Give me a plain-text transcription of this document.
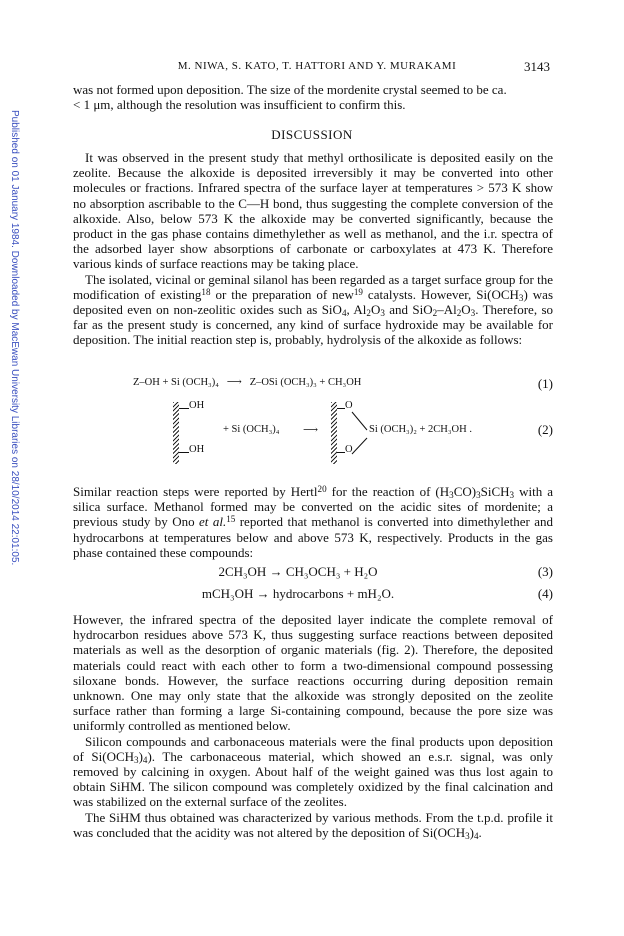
Published on 01 January 1984. Downloaded by MacEwan University Libraries on 28/10/2014 22:01:05.
M. NIWA, S. KATO, T. HATTORI AND Y. MURAKAMI	3143

was not formed upon deposition. The size of the mordenite crystal seemed to be ca.

< 1 μm, although the resolution was insufficient to confirm this.

DISCUSSION

It was observed in the present study that methyl orthosilicate is deposited easily on the zeolite. Because the alkoxide is deposited irreversibly it may be converted into other molecules or fractions. Infrared spectra of the surface layer at temperatures > 573 K show no absorption ascribable to the C—H bond, thus suggesting the complete conversion of the alkoxide. Also, below 573 K the alkoxide may be converted significantly, because the product in the gas phase contains dimethylether as well as methanol, and the i.r. spectra of the adsorbed layer show absorptions of carbonate or carboxylates at 473 K. Therefore various kinds of surface reactions may be taking place.

The isolated, vicinal or geminal silanol has been regarded as a target surface group for the modification of existing$^{18}$ or the preparation of new$^{19}$ catalysts. However, $Si(OCH_3)$ was deposited even on non-zeolitic oxides such as SiO$_4$, $Al_2O_3$ and $SiO_2-Al_2O_3$. Therefore, so far as the present study is concerned, any kind of surface hydroxide may be available for deposition. The initial reaction step is, probably, hydrolysis of the alkoxide as follows:

Z–OH + Si (OCH₃)₄ ⟶ Z–OSi (OCH₃)₃ + CH₃OH	(1)
OH
OH
+ Si (OCH₃)₄ ⟶
O
O
Si (OCH₃)₂ + 2CH₃OH .	(2)

Similar reaction steps were reported by Hertl$^{20}$ for the reaction of $(H_3CO)_3SiCH_3$ with a silica surface. Methanol formed may be converted on the acidic sites of mordenite; a previous study by Ono et al.$^{15}$ reported that methanol is converted into dimethylether and hydrocarbons at temperatures below and above 573 K, respectively. Products in the gas phase contained these compounds:

2CH₃OH → CH₃OCH₃ + H₂O	(3)
mCH₃OH → hydrocarbons + mH₂O.	(4)

However, the infrared spectra of the deposited layer indicate the complete removal of hydrocarbon residues above 573 K, thus suggesting surface reactions between deposited materials as well as the desorption of organic materials (fig. 2). Therefore, the deposited materials could react with each other to form a two-dimensional compound possessing siloxane bonds. However, the surface reactions occurring during deposition remain unknown. One may only state that the alkoxide was strongly deposited on the zeolite surface rather than forming a large Si-containing compound, because the pore size was uniformly controlled as mentioned below.

Silicon compounds and carbonaceous materials were the final products upon deposition of $Si(OCH_3)_4$). The carbonaceous material, which showed an e.s.r. signal, was only removed by calcining in oxygen. About half of the weight gained was thus lost again to obtain SiHM. The silicon compound was completely oxidized by the final calcination and was stabilized on the external surface of the zeolites.

The SiHM thus obtained was characterized by various methods. From the t.p.d. profile it was concluded that the acidity was not altered by the deposition of $Si(OCH_3)_4$.
